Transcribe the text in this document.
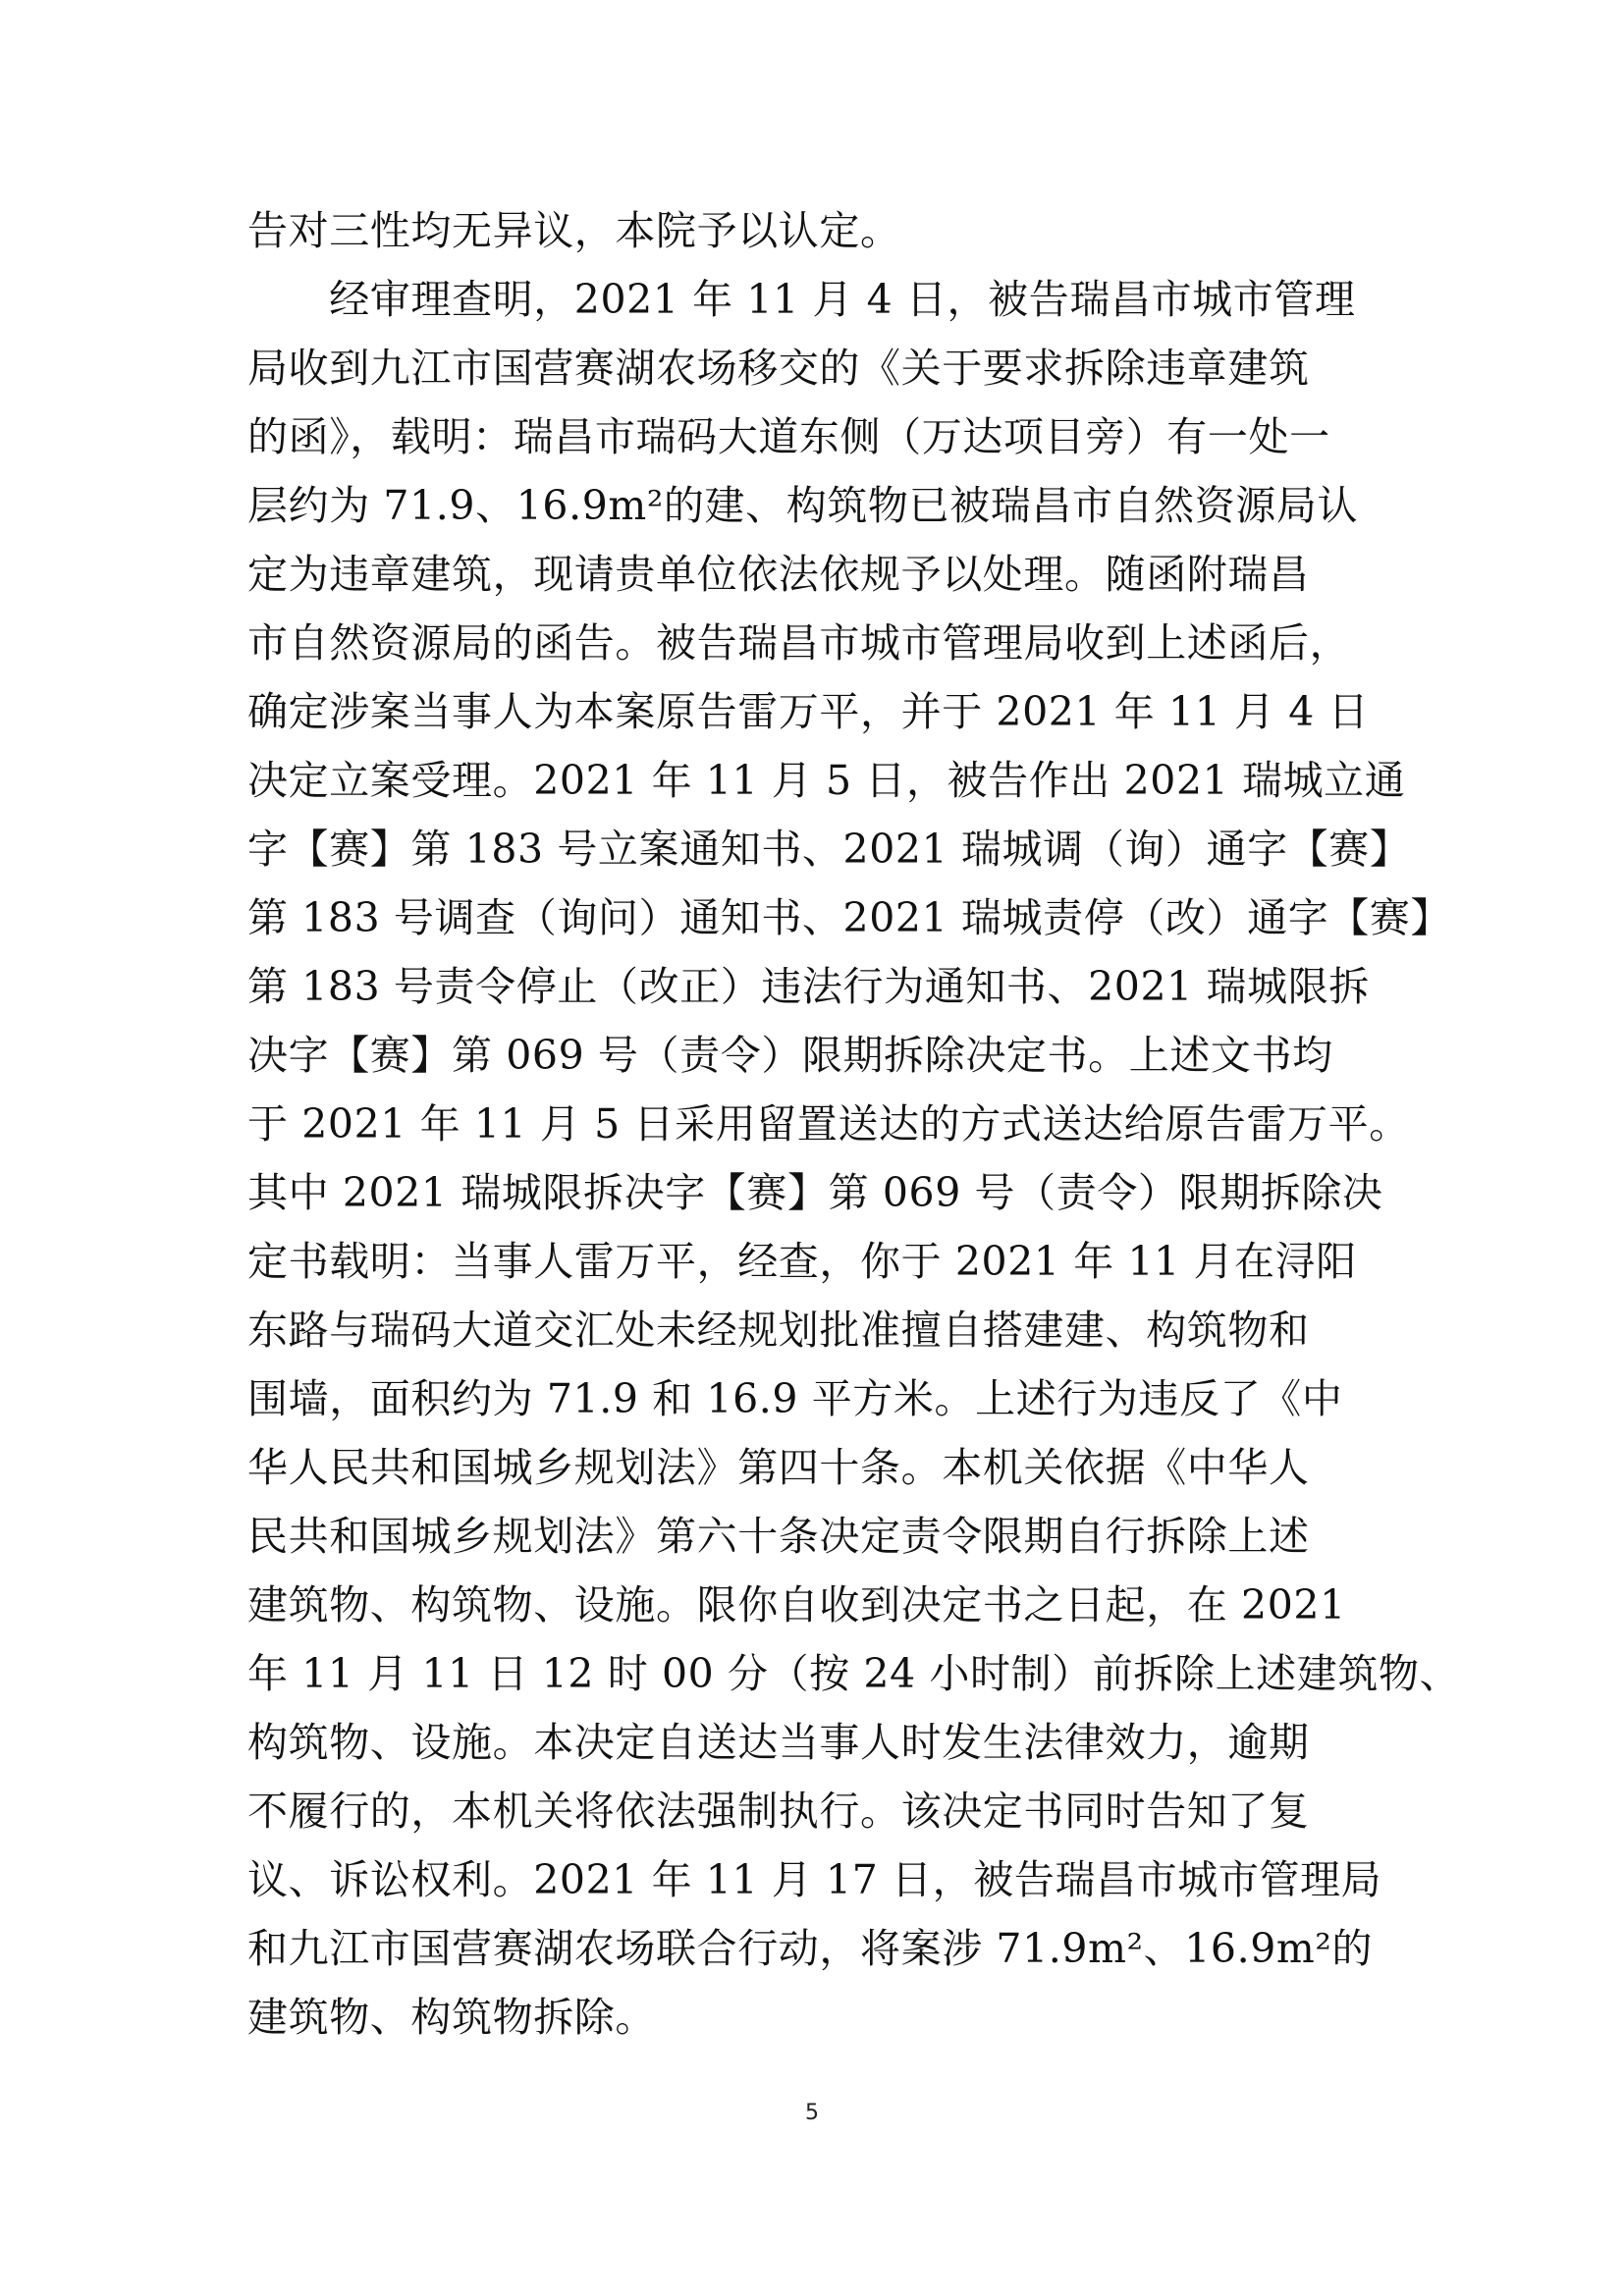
告对三性均无异议，本院予以认定。
　　经审理查明，2021 年 11 月 4 日，被告瑞昌市城市管理
局收到九江市国营赛湖农场移交的《关于要求拆除违章建筑
的函》，载明：瑞昌市瑞码大道东侧（万达项目旁）有一处一
层约为 71.9、16.9m²的建、构筑物已被瑞昌市自然资源局认
定为违章建筑，现请贵单位依法依规予以处理。随函附瑞昌
市自然资源局的函告。被告瑞昌市城市管理局收到上述函后，
确定涉案当事人为本案原告雷万平，并于 2021 年 11 月 4 日
决定立案受理。2021 年 11 月 5 日，被告作出 2021 瑞城立通
字【赛】第 183 号立案通知书、2021 瑞城调（询）通字【赛】
第 183 号调查（询问）通知书、2021 瑞城责停（改）通字【赛】
第 183 号责令停止（改正）违法行为通知书、2021 瑞城限拆
决字【赛】第 069 号（责令）限期拆除决定书。上述文书均
于 2021 年 11 月 5 日采用留置送达的方式送达给原告雷万平。
其中 2021 瑞城限拆决字【赛】第 069 号（责令）限期拆除决
定书载明：当事人雷万平，经查，你于 2021 年 11 月在浔阳
东路与瑞码大道交汇处未经规划批准擅自搭建建、构筑物和
围墙，面积约为 71.9 和 16.9 平方米。上述行为违反了《中
华人民共和国城乡规划法》第四十条。本机关依据《中华人
民共和国城乡规划法》第六十条决定责令限期自行拆除上述
建筑物、构筑物、设施。限你自收到决定书之日起，在 2021
年 11 月 11 日 12 时 00 分（按 24 小时制）前拆除上述建筑物、
构筑物、设施。本决定自送达当事人时发生法律效力，逾期
不履行的，本机关将依法强制执行。该决定书同时告知了复
议、诉讼权利。2021 年 11 月 17 日，被告瑞昌市城市管理局
和九江市国营赛湖农场联合行动，将案涉 71.9m²、16.9m²的
建筑物、构筑物拆除。
5
